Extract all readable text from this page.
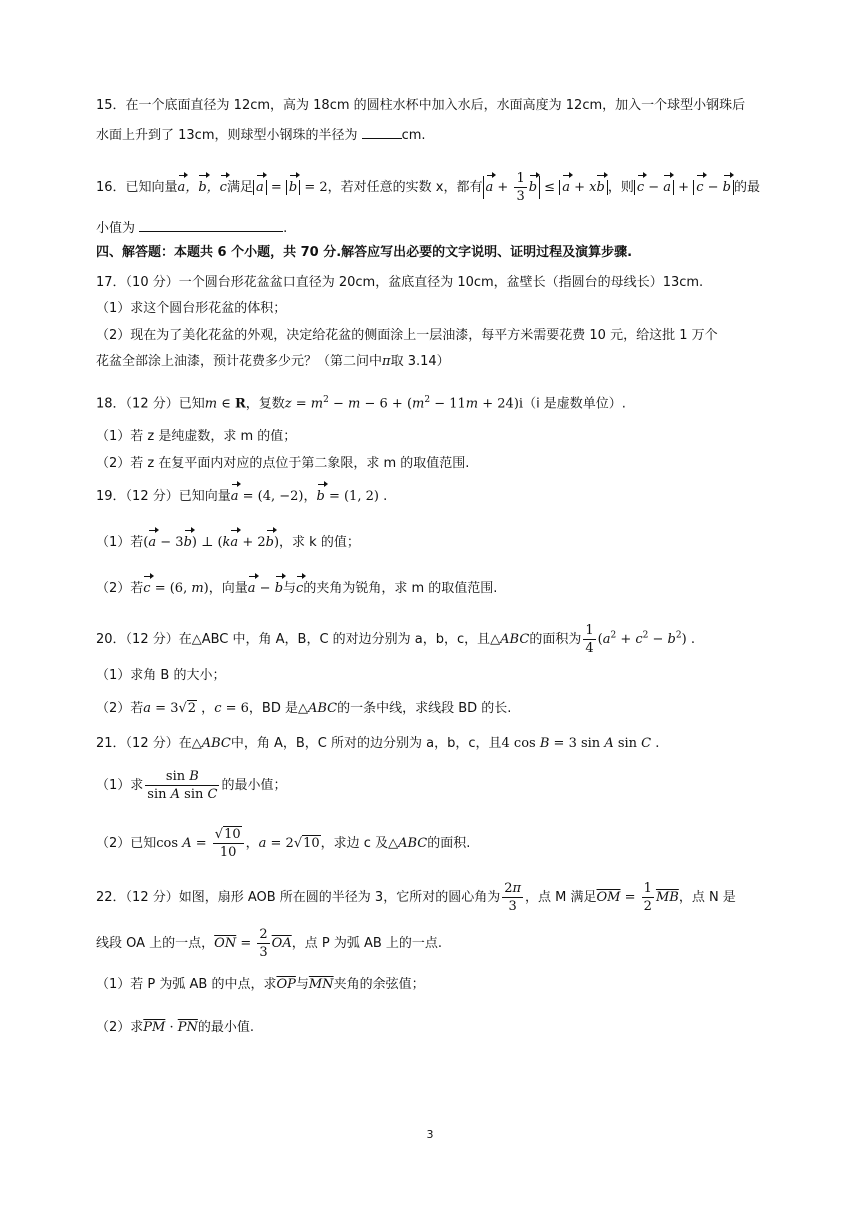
15．在一个底面直径为 12cm，高为 18cm 的圆柱水杯中加入水后，水面高度为 12cm，加入一个球型小钢珠后
水面上升到了 13cm，则球型小钢珠的半径为	cm.
16．已知向量a，b，c满足 a = b = 2，若对任意的实数 x，都有 $a + \frac{1}{3}$ b ≤ a + xb ，则 c − a + c − b 的最
小值为	.
四、解答题：本题共 6 个小题，共 70 分.解答应写出必要的文字说明、证明过程及演算步骤.
17．（10 分）一个圆台形花盆盆口直径为 20cm，盆底直径为 10cm，盆壁长（指圆台的母线长）13cm.
（1）求这个圆台形花盆的体积；
（2）现在为了美化花盆的外观，决定给花盆的侧面涂上一层油漆，每平方米需要花费 10 元，给这批 1 万个
花盆全部涂上油漆，预计花费多少元？（第二问中π取 3.14）
18．（12 分）已知m ∈ R，复数$z = m^2 - m - 6 + (m^2 - 11m + 24)i(i$ 是虚数单位）.
（1）若 z 是纯虚数，求 m 的值；
（2）若 z 在复平面内对应的点位于第二象限，求 m 的取值范围.
19．（12 分）已知向量a = (4, −2)，b = (1, 2) .
（1）若(a − 3b) ⊥ (ka + 2b)，求 k 的值；
（2）若c = (6, m)，向量a − b与c的夹角为锐角，求 m 的取值范围.
20．（12 分）在△ABC 中，角 A，B，C 的对边分别为 a，b，c，且△ABC的面积为 $\frac{1}{4} (a^2 + c^2 - b^2)$ .
（1）求角 B 的大小；
（2）若a = 3√2 ，c = 6，BD 是△ABC的一条中线，求线段 BD 的长.
21．（12 分）在△ABC中，角 A，B，C 所对的边分别为 a，b，c，且4 cos B = 3 sin A sin C .
（1）求 $\frac{\text{sin B}}{\text{sin A sin C}}$ 的最小值；
（2）已知$\cos A = \frac{√10}{10}$ ，a = 2√10，求边 c 及△ABC的面积.
22．（12 分）如图，扇形 AOB 所在圆的半径为 3，它所对的圆心角为 $\frac{2\pi}{3}$ ，点 M 满足$\overline{OM} = \frac{1}{2} \overline{MB}$，点 N 是
线段 OA 上的一点，$\overline{ON} = \frac{2}{3} \overline{OA}$，点 P 为弧 AB 上的一点.
（1）若 P 为弧 AB 的中点，求$\overline{OP}$与$\overline{MN}$夹角的余弦值；
（2）求$\overline{PM} \cdot \overline{PN}$的最小值.
3
